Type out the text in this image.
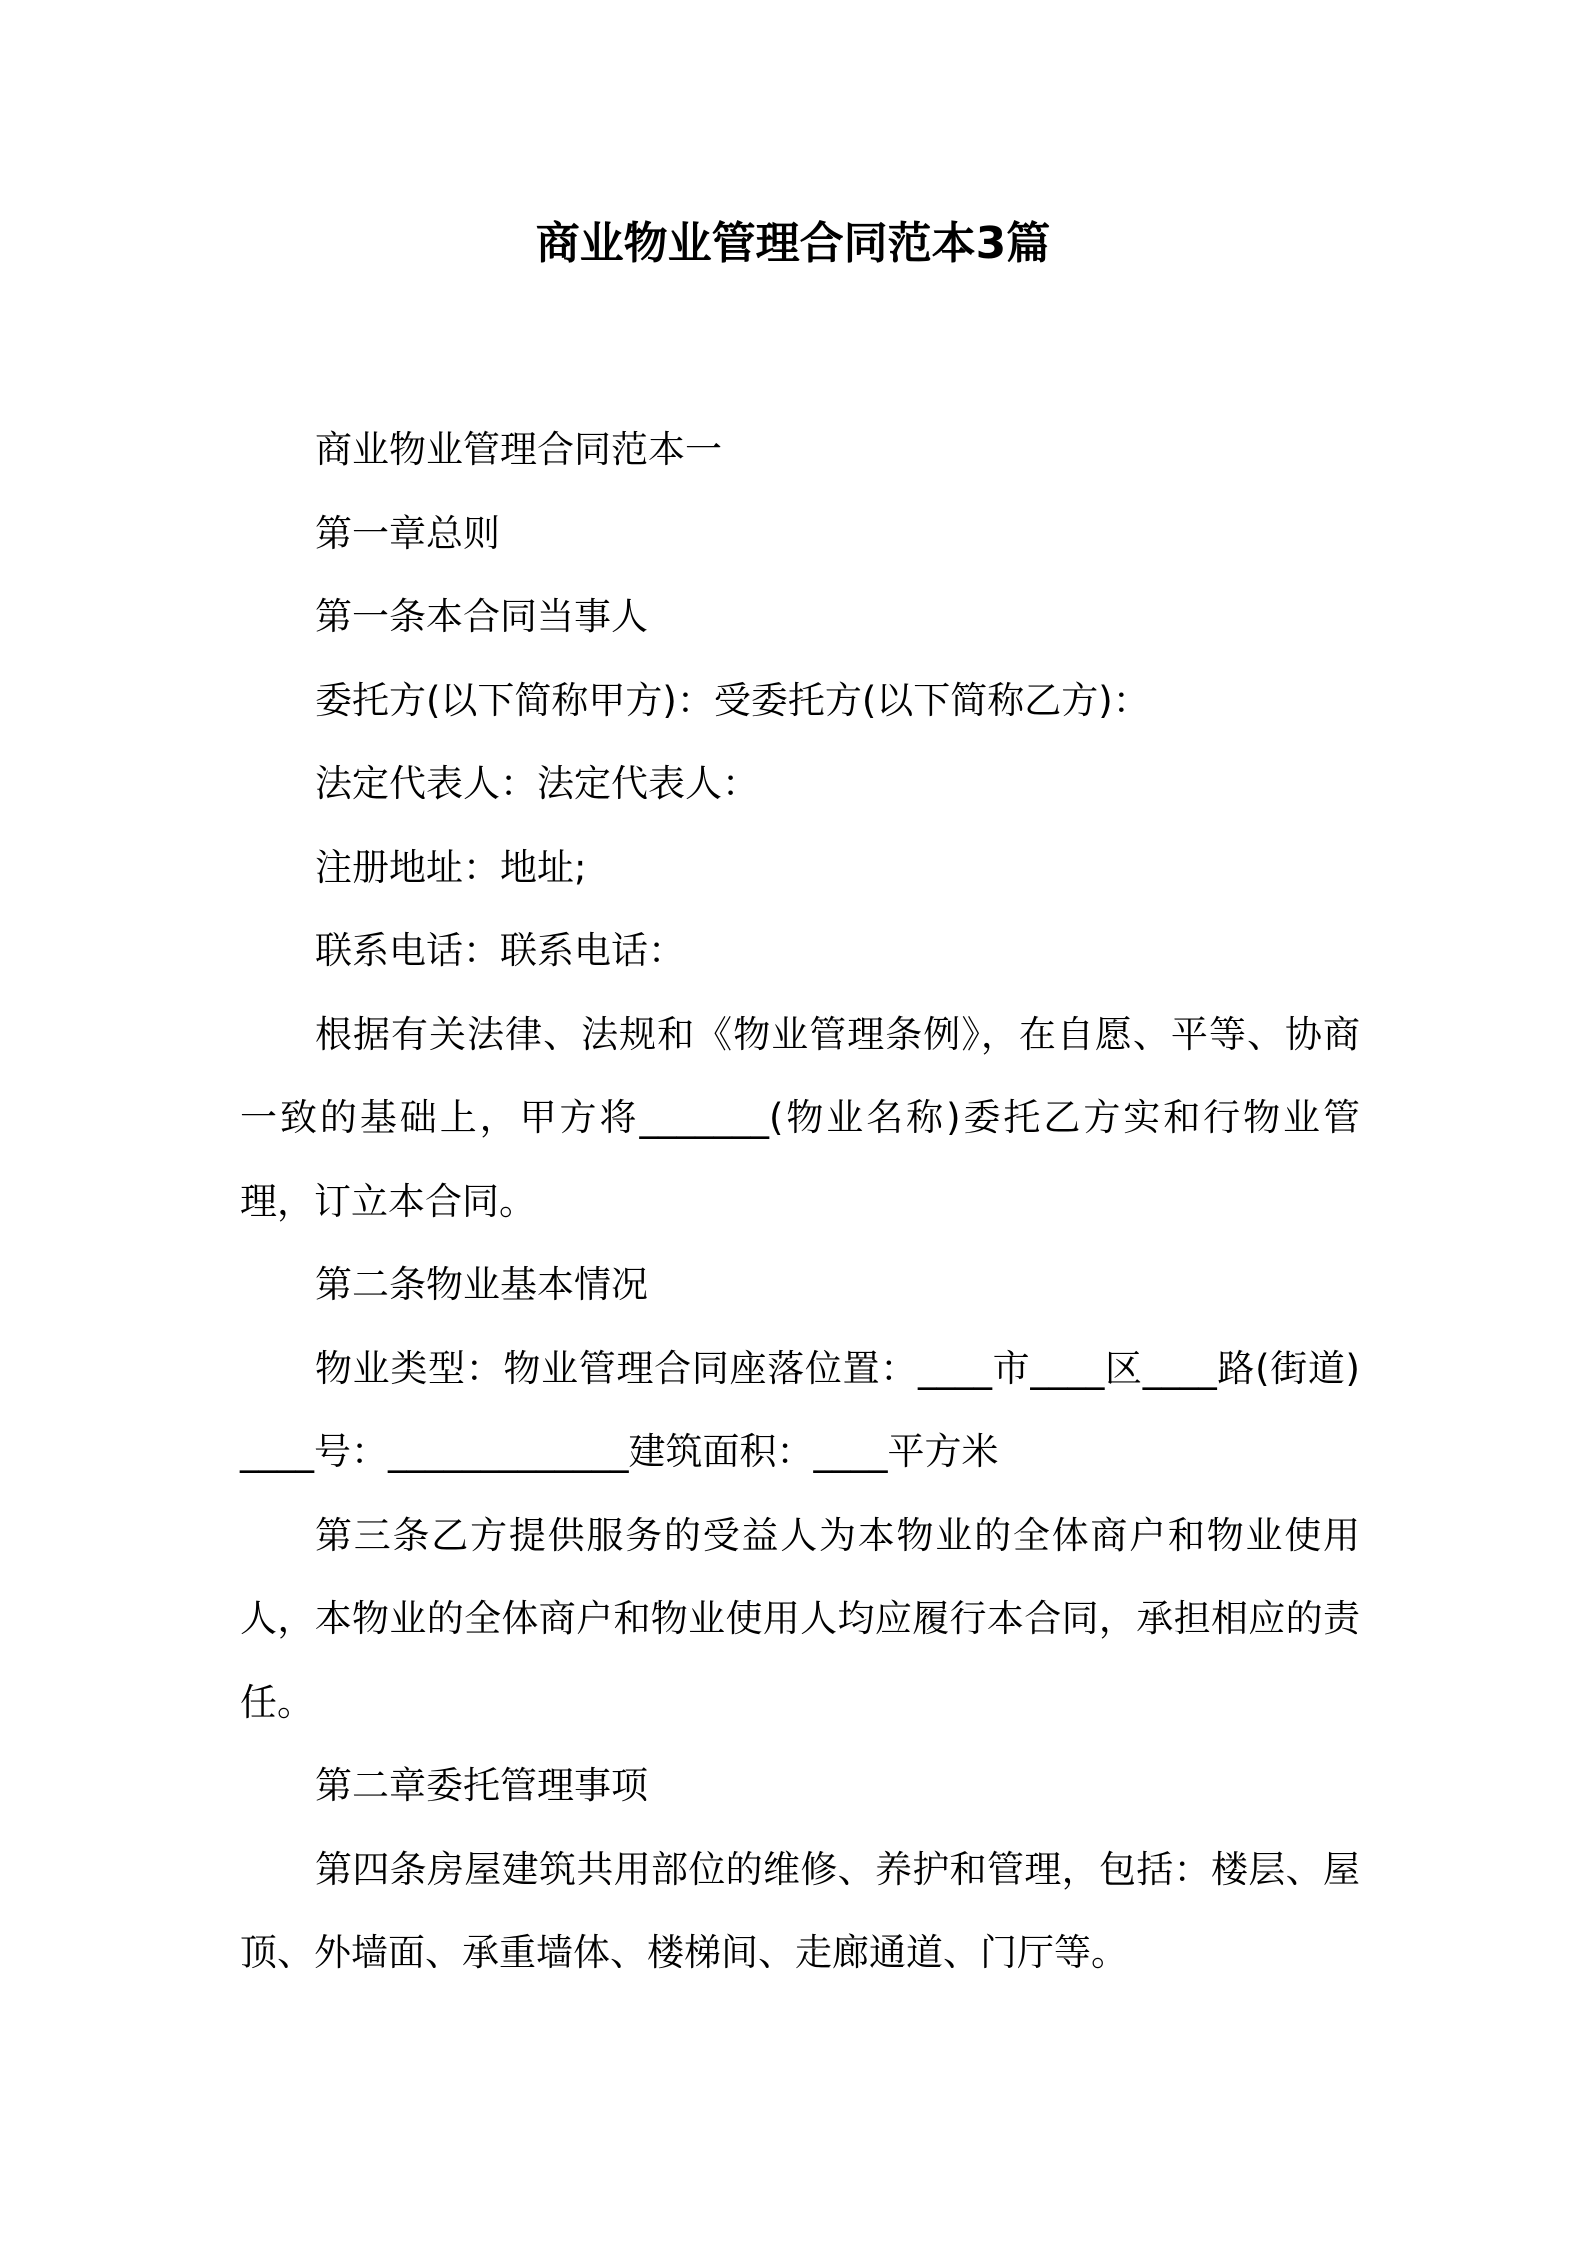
商业物业管理合同范本3篇

商业物业管理合同范本一

第一章总则

第一条本合同当事人

委托方(以下简称甲方)：受委托方(以下简称乙方)：

法定代表人：法定代表人：

注册地址：地址;

联系电话：联系电话：

根据有关法律、法规和《物业管理条例》，在自愿、平等、协商一致的基础上，甲方将_______(物业名称)委托乙方实和行物业管理，订立本合同。

第二条物业基本情况

物业类型：物业管理合同座落位置：____市____区____路(街道)____号：_____________建筑面积：____平方米

第三条乙方提供服务的受益人为本物业的全体商户和物业使用人，本物业的全体商户和物业使用人均应履行本合同，承担相应的责任。

第二章委托管理事项

第四条房屋建筑共用部位的维修、养护和管理，包括：楼层、屋顶、外墙面、承重墙体、楼梯间、走廊通道、门厅等。
